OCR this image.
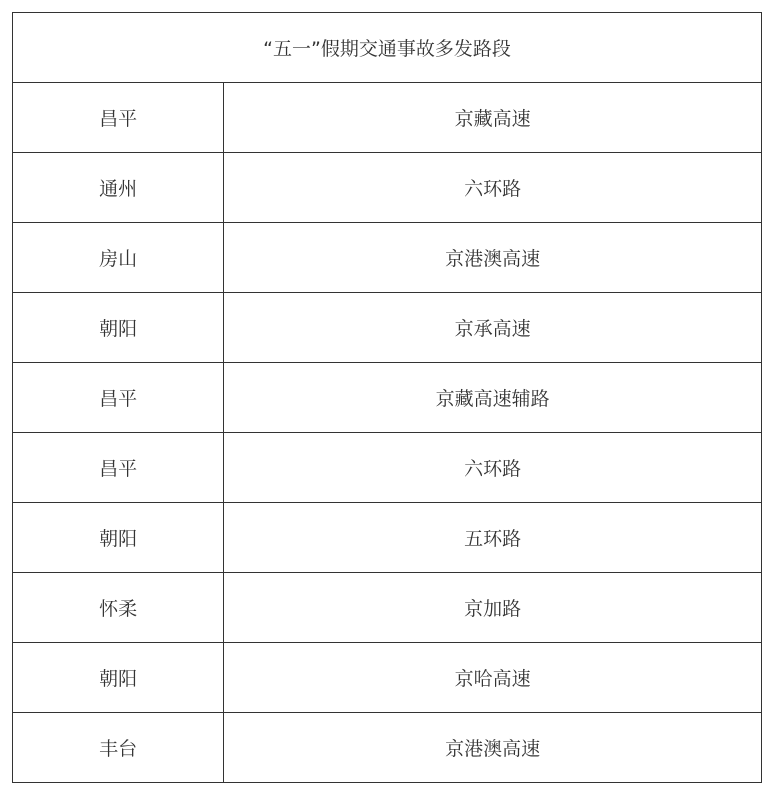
“五一”假期交通事故多发路段	
昌平	京藏高速
通州	六环路
房山	京港澳高速
朝阳	京承高速
昌平	京藏高速辅路
昌平	六环路
朝阳	五环路
怀柔	京加路
朝阳	京哈高速
丰台	京港澳高速
